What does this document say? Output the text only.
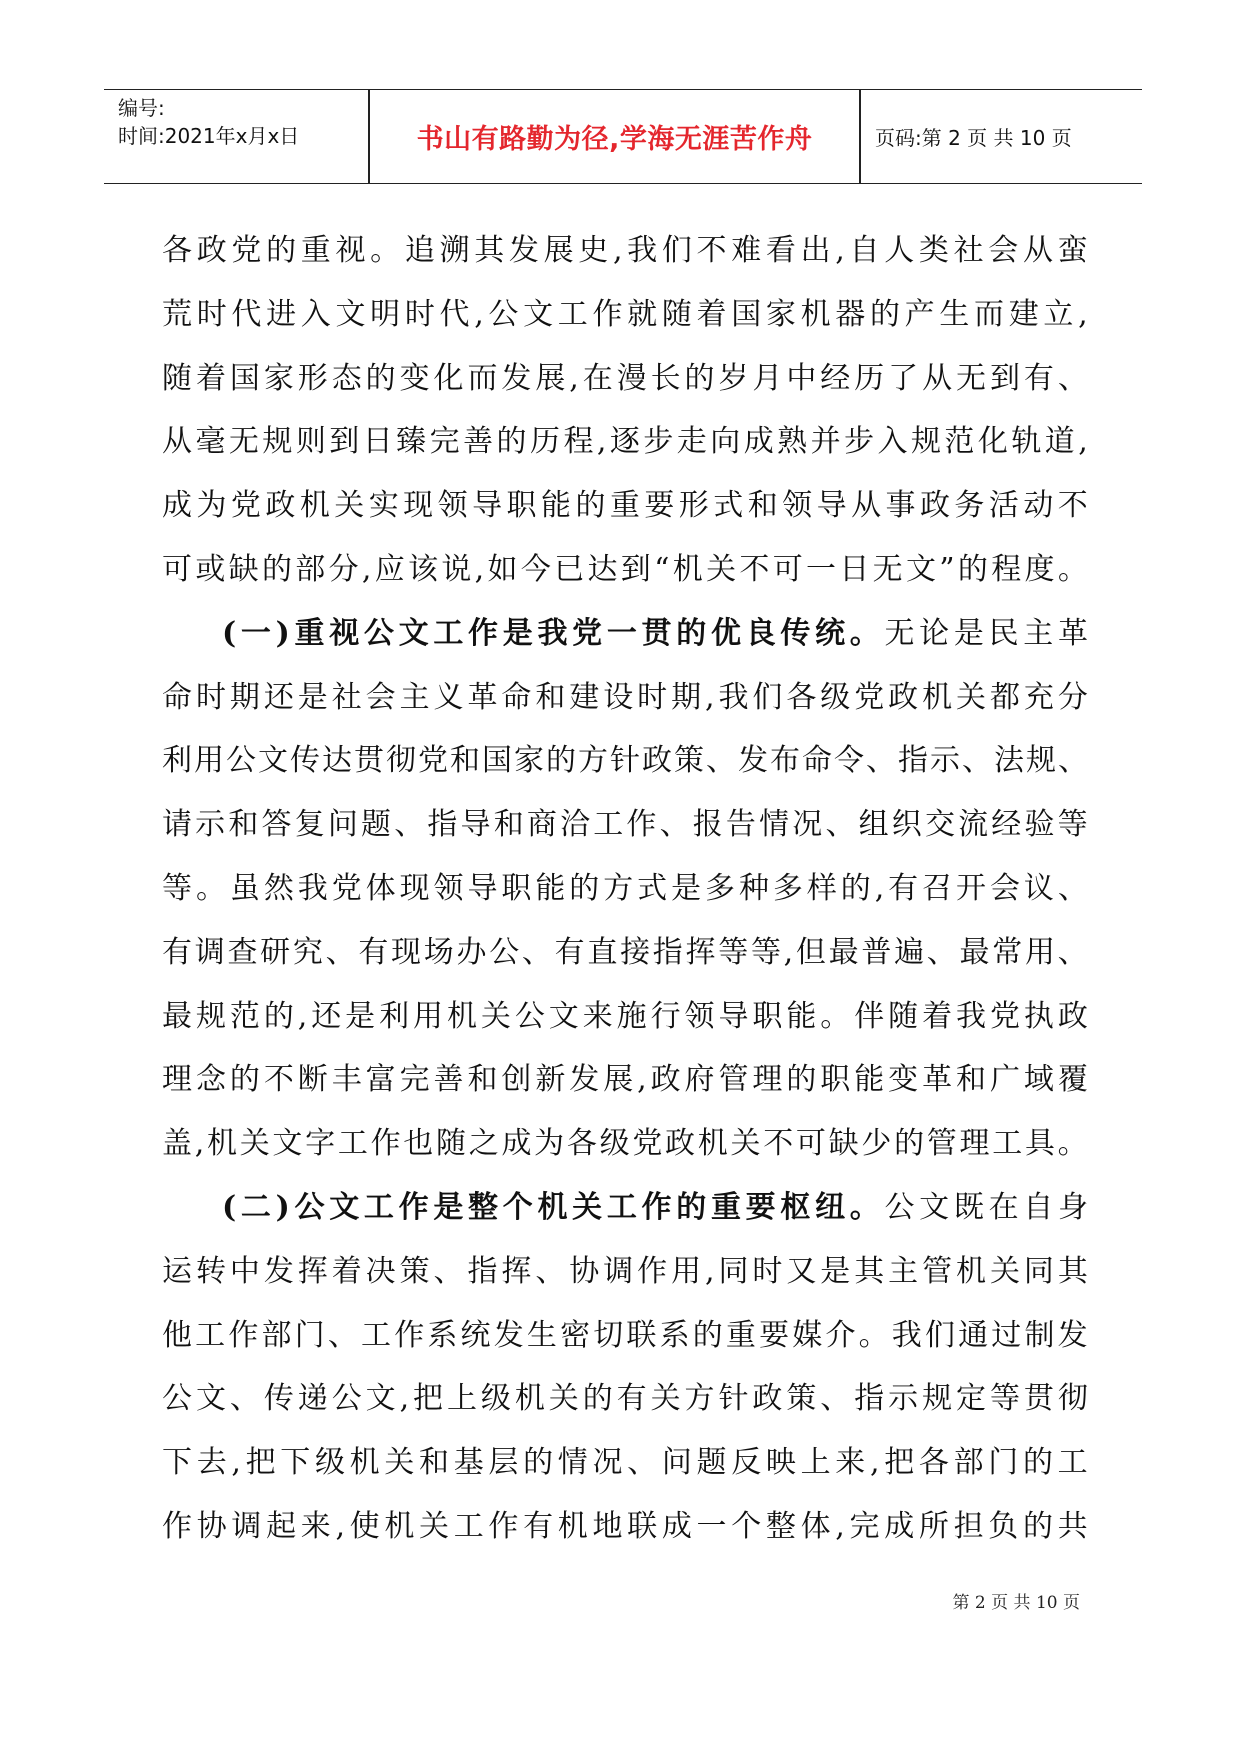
编号:
时间:2021年x月x日	书山有路勤为径,学海无涯苦作舟	页码:第 2 页 共 10 页
各 政 党 的 重 视 。 追 溯 其 发 展 史 , 我 们 不 难 看 出 , 自 人 类 社 会 从 蛮
荒 时 代 进 入 文 明 时 代 , 公 文 工 作 就 随 着 国 家 机 器 的 产 生 而 建 立 ,
随 着 国 家 形 态 的 变 化 而 发 展 , 在 漫 长 的 岁 月 中 经 历 了 从 无 到 有 、
从 毫 无 规 则 到 日 臻 完 善 的 历 程 , 逐 步 走 向 成 熟 并 步 入 规 范 化 轨 道 ,
成 为 党 政 机 关 实 现 领 导 职 能 的 重 要 形 式 和 领 导 从 事 政 务 活 动 不
可 或 缺 的 部 分 , 应 该 说 , 如 今 已 达 到 “ 机 关 不 可 一 日 无 文 ” 的 程 度 。
( 一 ) 重 视 公 文 工 作 是 我 党 一 贯 的 优 良 传 统 。 无 论 是 民 主 革
命 时 期 还 是 社 会 主 义 革 命 和 建 设 时 期 , 我 们 各 级 党 政 机 关 都 充 分
利 用 公 文 传 达 贯 彻 党 和 国 家 的 方 针 政 策 、 发 布 命 令 、 指 示 、 法 规 、
请 示 和 答 复 问 题 、 指 导 和 商 洽 工 作 、 报 告 情 况 、 组 织 交 流 经 验 等
等 。 虽 然 我 党 体 现 领 导 职 能 的 方 式 是 多 种 多 样 的 , 有 召 开 会 议 、
有 调 查 研 究 、 有 现 场 办 公 、 有 直 接 指 挥 等 等 , 但 最 普 遍 、 最 常 用 、
最 规 范 的 , 还 是 利 用 机 关 公 文 来 施 行 领 导 职 能 。 伴 随 着 我 党 执 政
理 念 的 不 断 丰 富 完 善 和 创 新 发 展 , 政 府 管 理 的 职 能 变 革 和 广 域 覆
盖 , 机 关 文 字 工 作 也 随 之 成 为 各 级 党 政 机 关 不 可 缺 少 的 管 理 工 具 。
( 二 ) 公 文 工 作 是 整 个 机 关 工 作 的 重 要 枢 纽 。 公 文 既 在 自 身
运 转 中 发 挥 着 决 策 、 指 挥 、 协 调 作 用 , 同 时 又 是 其 主 管 机 关 同 其
他 工 作 部 门 、 工 作 系 统 发 生 密 切 联 系 的 重 要 媒 介 。 我 们 通 过 制 发
公 文 、 传 递 公 文 , 把 上 级 机 关 的 有 关 方 针 政 策 、 指 示 规 定 等 贯 彻
下 去 , 把 下 级 机 关 和 基 层 的 情 况 、 问 题 反 映 上 来 , 把 各 部 门 的 工
作 协 调 起 来 , 使 机 关 工 作 有 机 地 联 成 一 个 整 体 , 完 成 所 担 负 的 共
第 2 页 共 10 页
